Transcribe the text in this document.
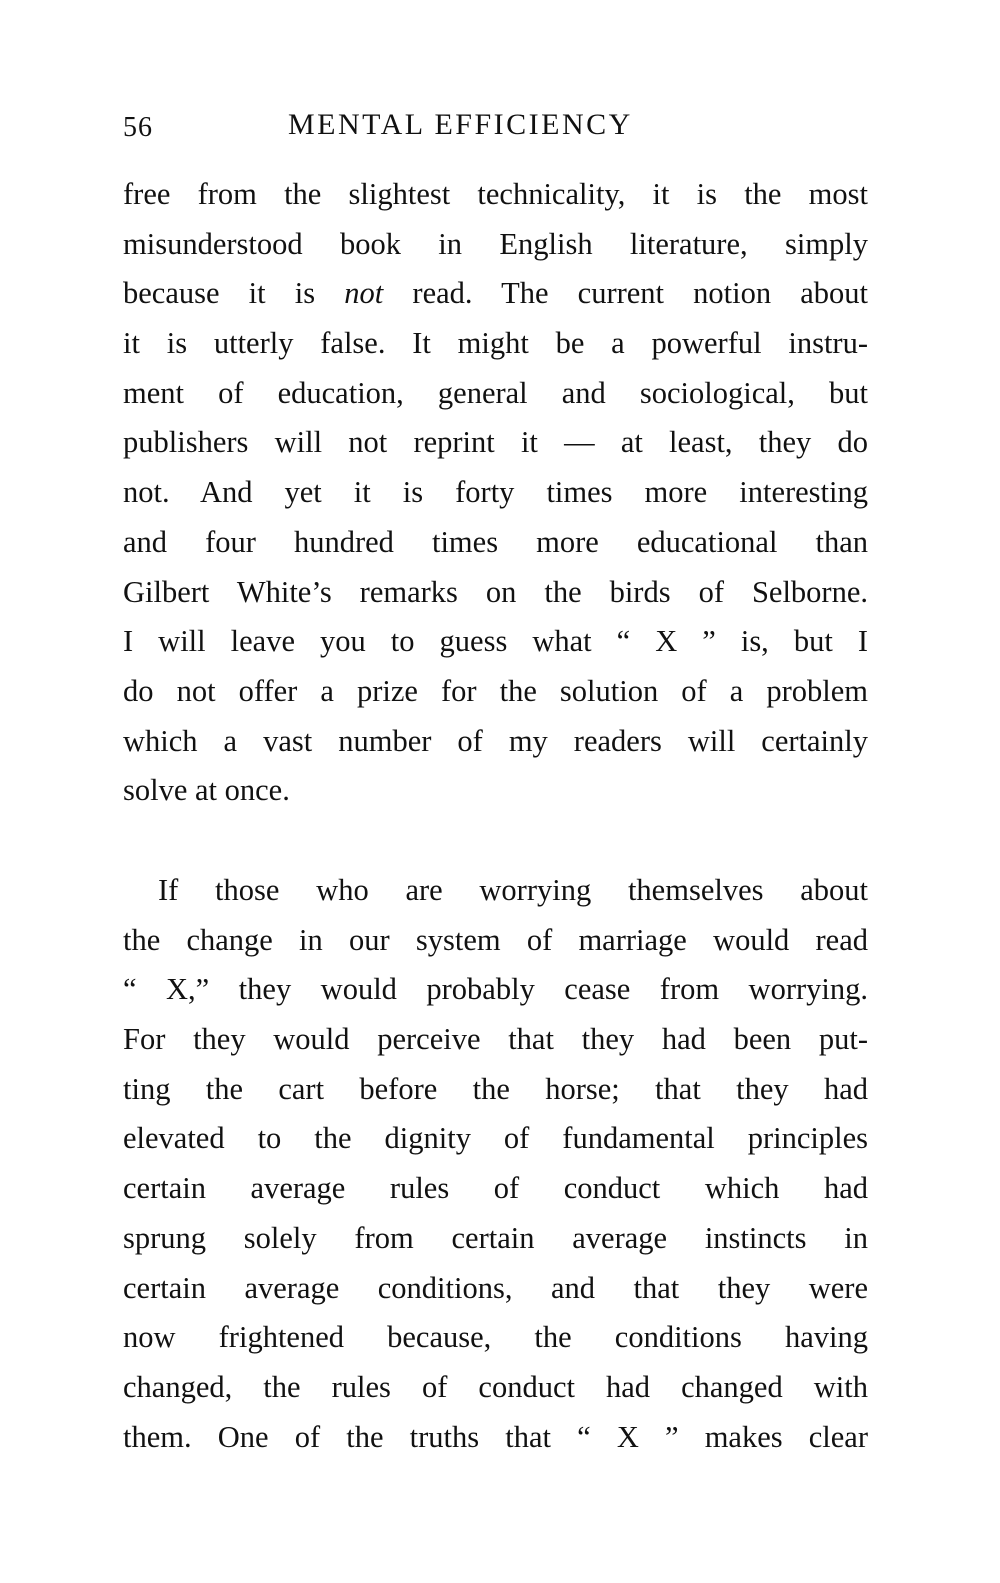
56	MENTAL EFFICIENCY
free from the slightest technicality, it is the most
misunderstood book in English literature, simply
because it is not read. The current notion about
it is utterly false. It might be a powerful instru-
ment of education, general and sociological, but
publishers will not reprint it — at least, they do
not. And yet it is forty times more interesting
and four hundred times more educational than
Gilbert White’s remarks on the birds of Selborne.
I will leave you to guess what “ X ” is, but I
do not offer a prize for the solution of a problem
which a vast number of my readers will certainly
solve at once.
If those who are worrying themselves about
the change in our system of marriage would read
“ X,” they would probably cease from worrying.
For they would perceive that they had been put-
ting the cart before the horse; that they had
elevated to the dignity of fundamental principles
certain average rules of conduct which had
sprung solely from certain average instincts in
certain average conditions, and that they were
now frightened because, the conditions having
changed, the rules of conduct had changed with
them. One of the truths that “ X ” makes clear
